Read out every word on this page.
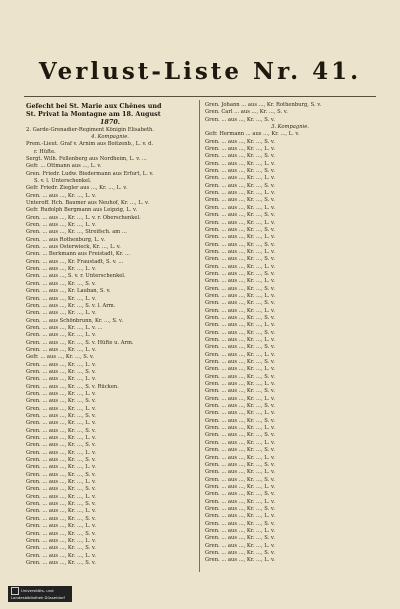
Verlust-Liste Nr. 41.
Gefecht bei St. Marie aux Chênes und
St. Privat la Montagne am 18. August
1870.
2. Garde-Grenadier-Regiment Königin Elisabeth.
4. Kompagnie.
Prem.-Lieut. Graf v. Arnim aus Boitzenb., L. v. d.
r. Hüfte.
Sergt. Wilh. Fellenberg aus Nordheim, L. v. ...
Gefr. ... Ottmann aus ..., L. v.
Gren. Friedr. Ludw. Biedermann aus Erfurt, L. v.
S. v. l. Unterschenkel.
Gefr. Friedr. Ziegler aus ..., Kr. ..., L. v.
Gren. ... aus ..., Kr. ..., L. v.
Unteroff. Hch. Baumer aus Neuhof, Kr. ..., L. v.
Gefr. Rudolph Bergmann aus Leipzig, L. v.
Gren. ... aus ..., Kr. ..., L. v. r. Oberschenkel.
Gren. ... aus ..., Kr. ..., L. v.
Gren. ... aus ..., Kr. ..., Streifsch. am ...
Gren. ... aus Rothenburg, L. v.
Gren. ... aus Osterwieck, Kr. ..., L. v.
Gren. ... Berkmann aus Freistadt, Kr. ...
Gren. ... aus ..., Kr. Fraustadt, S. v. ...
Gren. ... aus ..., Kr. ..., L. v.
Gren. ... aus ..., S. v. r. Unterschenkel.
Gren. ... aus ..., Kr. ..., S. v.
Gren. ... aus ..., Kr. Lauban, S. v.
Gren. ... aus ..., Kr. ..., L. v.
Gren. ... aus ..., Kr. ..., S. v. l. Arm.
Gren. ... aus ..., Kr. ..., L. v.
Gren. ... aus Schönbrunn, Kr. ..., S. v.
Gren. ... aus ..., Kr. ..., L. v. ...
Gren. ... aus ..., Kr. ..., L. v.
Gren. ... aus ..., Kr. ..., S. v. Hüfte u. Arm.
Gren. ... aus ..., Kr. ..., L. v.
Gefr. ... aus ..., Kr. ..., S. v.
Gren. ... aus ..., Kr. ..., L. v.
Gren. ... aus ..., Kr. ..., S. v.
Gren. ... aus ..., Kr. ..., L. v.
Gren. ... aus ..., Kr. ..., S. v. Rücken.
Gren. ... aus ..., Kr. ..., L. v.
Gren. ... aus ..., Kr. ..., S. v.
Gren. ... aus ..., Kr. ..., L. v.
Gren. ... aus ..., Kr. ..., S. v.
Gren. ... aus ..., Kr. ..., L. v.
Gren. ... aus ..., Kr. ..., S. v.
Gren. ... aus ..., Kr. ..., L. v.
Gren. ... aus ..., Kr. ..., S. v.
Gren. ... aus ..., Kr. ..., L. v.
Gren. ... aus ..., Kr. ..., S. v.
Gren. ... aus ..., Kr. ..., L. v.
Gren. ... aus ..., Kr. ..., S. v.
Gren. ... aus ..., Kr. ..., L. v.
Gren. ... aus ..., Kr. ..., S. v.
Gren. ... aus ..., Kr. ..., L. v.
Gren. ... aus ..., Kr. ..., S. v.
Gren. ... aus ..., Kr. ..., L. v.
Gren. ... aus ..., Kr. ..., S. v.
Gren. ... aus ..., Kr. ..., L. v.
Gren. ... aus ..., Kr. ..., S. v.
Gren. ... aus ..., Kr. ..., L. v.
Gren. ... aus ..., Kr. ..., S. v.
Gren. ... aus ..., Kr. ..., L. v.
Gren. ... aus ..., Kr. ..., S. v.
Gren. Johann ... aus ..., Kr. Rothenburg, S. v.
Gren. Carl ... aus ..., Kr. ..., S. v.
Gren. ... aus ..., Kr. ..., S. v.
3. Kompagnie.
Gefr. Hermann ... aus ..., Kr. ..., L. v.
Gren. ... aus ..., Kr. ..., S. v.
Gren. ... aus ..., Kr. ..., L. v.
Gren. ... aus ..., Kr. ..., S. v.
Gren. ... aus ..., Kr. ..., L. v.
Gren. ... aus ..., Kr. ..., S. v.
Gren. ... aus ..., Kr. ..., L. v.
Gren. ... aus ..., Kr. ..., S. v.
Gren. ... aus ..., Kr. ..., L. v.
Gren. ... aus ..., Kr. ..., S. v.
Gren. ... aus ..., Kr. ..., L. v.
Gren. ... aus ..., Kr. ..., S. v.
Gren. ... aus ..., Kr. ..., L. v.
Gren. ... aus ..., Kr. ..., S. v.
Gren. ... aus ..., Kr. ..., L. v.
Gren. ... aus ..., Kr. ..., S. v.
Gren. ... aus ..., Kr. ..., L. v.
Gren. ... aus ..., Kr. ..., S. v.
Gren. ... aus ..., Kr. ..., L. v.
Gren. ... aus ..., Kr. ..., S. v.
Gren. ... aus ..., Kr. ..., L. v.
Gren. ... aus ..., Kr. ..., S. v.
Gren. ... aus ..., Kr. ..., L. v.
Gren. ... aus ..., Kr. ..., S. v.
Gren. ... aus ..., Kr. ..., L. v.
Gren. ... aus ..., Kr. ..., S. v.
Gren. ... aus ..., Kr. ..., L. v.
Gren. ... aus ..., Kr. ..., S. v.
Gren. ... aus ..., Kr. ..., L. v.
Gren. ... aus ..., Kr. ..., S. v.
Gren. ... aus ..., Kr. ..., L. v.
Gren. ... aus ..., Kr. ..., S. v.
Gren. ... aus ..., Kr. ..., L. v.
Gren. ... aus ..., Kr. ..., S. v.
Gren. ... aus ..., Kr. ..., L. v.
Gren. ... aus ..., Kr. ..., S. v.
Gren. ... aus ..., Kr. ..., L. v.
Gren. ... aus ..., Kr. ..., S. v.
Gren. ... aus ..., Kr. ..., L. v.
Gren. ... aus ..., Kr. ..., S. v.
Gren. ... aus ..., Kr. ..., L. v.
Gren. ... aus ..., Kr. ..., S. v.
Gren. ... aus ..., Kr. ..., L. v.
Gren. ... aus ..., Kr. ..., S. v.
Gren. ... aus ..., Kr. ..., L. v.
Gren. ... aus ..., Kr. ..., S. v.
Gren. ... aus ..., Kr. ..., L. v.
Gren. ... aus ..., Kr. ..., S. v.
Gren. ... aus ..., Kr. ..., L. v.
Gren. ... aus ..., Kr. ..., S. v.
Gren. ... aus ..., Kr. ..., L. v.
Gren. ... aus ..., Kr. ..., S. v.
Gren. ... aus ..., Kr. ..., L. v.
Gren. ... aus ..., Kr. ..., S. v.
Gren. ... aus ..., Kr. ..., L. v.
Gren. ... aus ..., Kr. ..., S. v.
Gren. ... aus ..., Kr. ..., L. v.
Gren. ... aus ..., Kr. ..., S. v.
Gren. ... aus ..., Kr. ..., L. v.
Universitäts- und
Landesbibliothek Düsseldorf
